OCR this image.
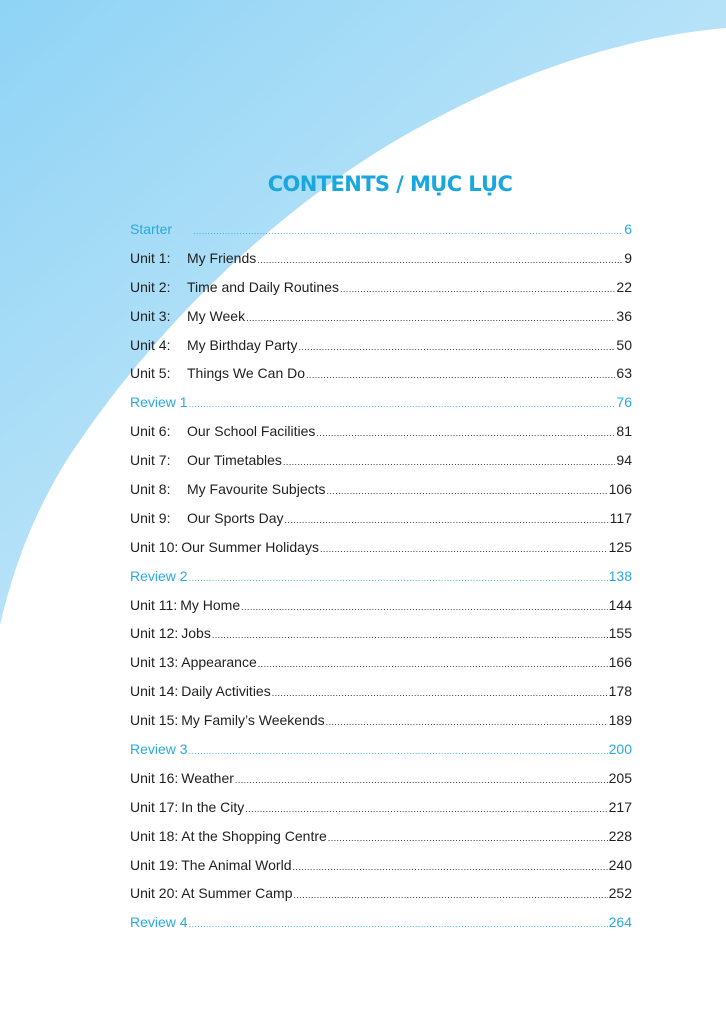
CONTENTS / MỤC LỤC
Starter .....	6
Unit 1:	My Friends .....	9
Unit 2:	Time and Daily Routines .....	22
Unit 3:	My Week .....	36
Unit 4:	My Birthday Party .....	50
Unit 5:	Things We Can Do .....	63
Review 1 .....	76
Unit 6:	Our School Facilities .....	81
Unit 7:	Our Timetables .....	94
Unit 8:	My Favourite Subjects .....	106
Unit 9:	Our Sports Day .....	117
Unit 10: Our Summer Holidays .....	125
Review 2 .....	138
Unit 11: My Home .....	144
Unit 12: Jobs .....	155
Unit 13: Appearance .....	166
Unit 14: Daily Activities .....	178
Unit 15: My Family’s Weekends .....	189
Review 3 .....	200
Unit 16: Weather .....	205
Unit 17: In the City .....	217
Unit 18: At the Shopping Centre .....	228
Unit 19: The Animal World .....	240
Unit 20: At Summer Camp .....	252
Review 4 .....	264
